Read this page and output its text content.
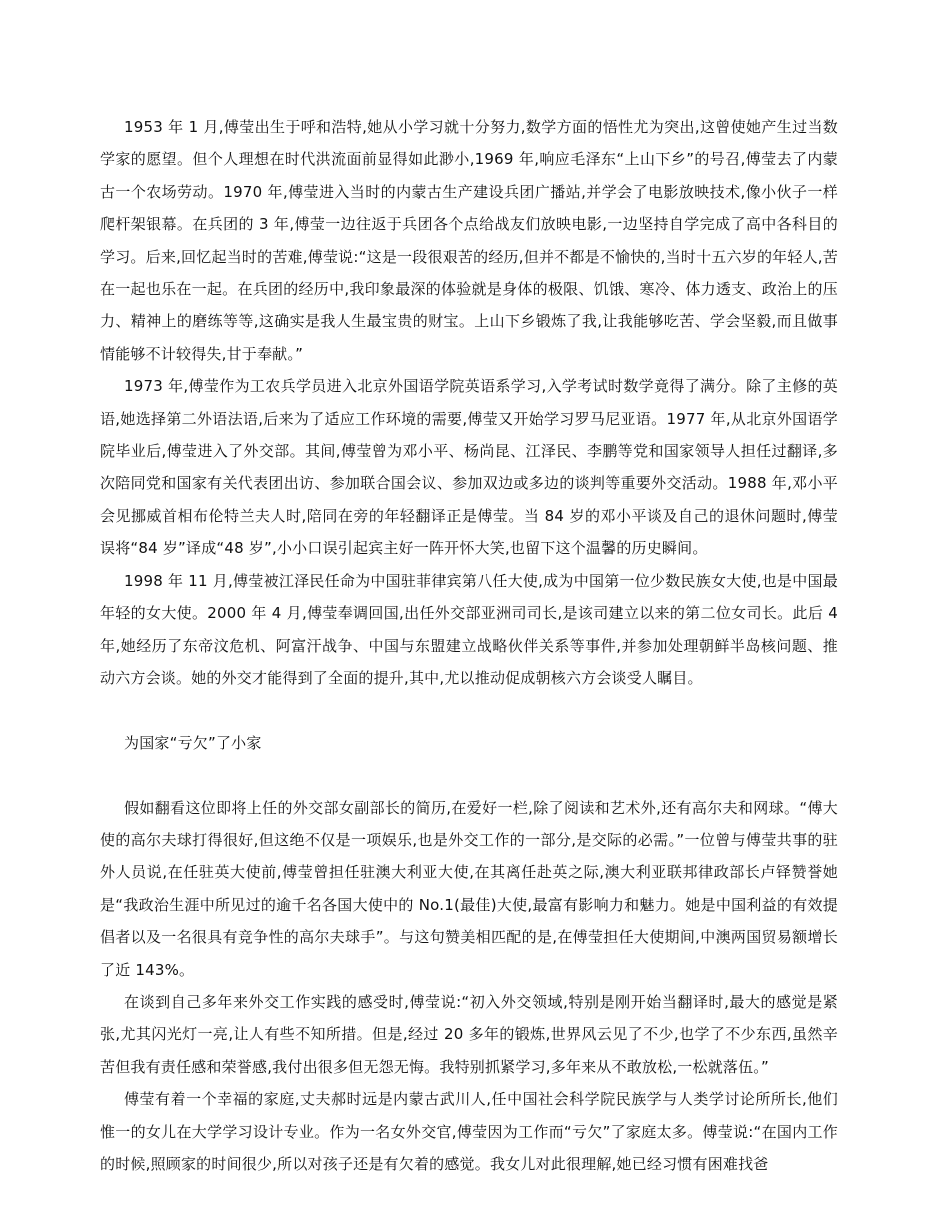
1953 年 1 月,傅莹出生于呼和浩特,她从小学习就十分努力,数学方面的悟性尤为突出,这曾使她产生过当数学家的愿望。但个人理想在时代洪流面前显得如此渺小,1969 年,响应毛泽东“上山下乡”的号召,傅莹去了内蒙古一个农场劳动。1970 年,傅莹进入当时的内蒙古生产建设兵团广播站,并学会了电影放映技术,像小伙子一样爬杆架银幕。在兵团的 3 年,傅莹一边往返于兵团各个点给战友们放映电影,一边坚持自学完成了高中各科目的学习。后来,回忆起当时的苦难,傅莹说:“这是一段很艰苦的经历,但并不都是不愉快的,当时十五六岁的年轻人,苦在一起也乐在一起。在兵团的经历中,我印象最深的体验就是身体的极限、饥饿、寒冷、体力透支、政治上的压力、精神上的磨练等等,这确实是我人生最宝贵的财宝。上山下乡锻炼了我,让我能够吃苦、学会坚毅,而且做事情能够不计较得失,甘于奉献。”

1973 年,傅莹作为工农兵学员进入北京外国语学院英语系学习,入学考试时数学竟得了满分。除了主修的英语,她选择第二外语法语,后来为了适应工作环境的需要,傅莹又开始学习罗马尼亚语。1977 年,从北京外国语学院毕业后,傅莹进入了外交部。其间,傅莹曾为邓小平、杨尚昆、江泽民、李鹏等党和国家领导人担任过翻译,多次陪同党和国家有关代表团出访、参加联合国会议、参加双边或多边的谈判等重要外交活动。1988 年,邓小平会见挪威首相布伦特兰夫人时,陪同在旁的年轻翻译正是傅莹。当 84 岁的邓小平谈及自己的退休问题时,傅莹误将“84 岁”译成“48 岁”,小小口误引起宾主好一阵开怀大笑,也留下这个温馨的历史瞬间。

1998 年 11 月,傅莹被江泽民任命为中国驻菲律宾第八任大使,成为中国第一位少数民族女大使,也是中国最年轻的女大使。2000 年 4 月,傅莹奉调回国,出任外交部亚洲司司长,是该司建立以来的第二位女司长。此后 4 年,她经历了东帝汶危机、阿富汗战争、中国与东盟建立战略伙伴关系等事件,并参加处理朝鲜半岛核问题、推动六方会谈。她的外交才能得到了全面的提升,其中,尤以推动促成朝核六方会谈受人瞩目。

为国家“亏欠”了小家

假如翻看这位即将上任的外交部女副部长的简历,在爱好一栏,除了阅读和艺术外,还有高尔夫和网球。“傅大使的高尔夫球打得很好,但这绝不仅是一项娱乐,也是外交工作的一部分,是交际的必需。”一位曾与傅莹共事的驻外人员说,在任驻英大使前,傅莹曾担任驻澳大利亚大使,在其离任赴英之际,澳大利亚联邦律政部长卢铎赞誉她是“我政治生涯中所见过的逾千名各国大使中的 No.1(最佳)大使,最富有影响力和魅力。她是中国利益的有效提倡者以及一名很具有竞争性的高尔夫球手”。与这句赞美相匹配的是,在傅莹担任大使期间,中澳两国贸易额增长了近 143%。

在谈到自己多年来外交工作实践的感受时,傅莹说:“初入外交领域,特别是刚开始当翻译时,最大的感觉是紧张,尤其闪光灯一亮,让人有些不知所措。但是,经过 20 多年的锻炼,世界风云见了不少,也学了不少东西,虽然辛苦但我有责任感和荣誉感,我付出很多但无怨无悔。我特别抓紧学习,多年来从不敢放松,一松就落伍。”

傅莹有着一个幸福的家庭,丈夫郝时远是内蒙古武川人,任中国社会科学院民族学与人类学讨论所所长,他们惟一的女儿在大学学习设计专业。作为一名女外交官,傅莹因为工作而“亏欠”了家庭太多。傅莹说:“在国内工作的时候,照顾家的时间很少,所以对孩子还是有欠着的感觉。我女儿对此很理解,她已经习惯有困难找爸
